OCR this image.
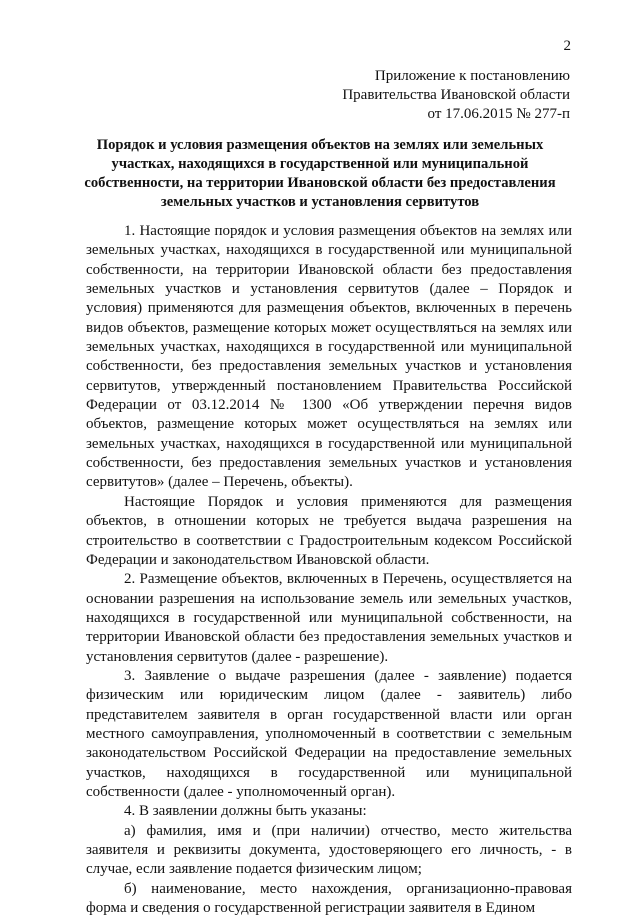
2
Приложение к постановлению
Правительства Ивановской области
от 17.06.2015 № 277-п
Порядок и условия размещения объектов на землях или земельных
участках, находящихся в государственной или муниципальной
собственности, на территории Ивановской области без предоставления
земельных участков и установления сервитутов

1. Настоящие порядок и условия размещения объектов на землях или земельных участках, находящихся в государственной или муниципальной собственности, на территории Ивановской области без предоставления земельных участков и установления сервитутов (далее – Порядок и условия) применяются для размещения объектов, включенных в перечень видов объектов, размещение которых может осуществляться на землях или земельных участках, находящихся в государственной или муниципальной собственности, без предоставления земельных участков и установления сервитутов, утвержденный постановлением Правительства Российской Федерации от 03.12.2014 № 1300 «Об утверждении перечня видов объектов, размещение которых может осуществляться на землях или земельных участках, находящихся в государственной или муниципальной собственности, без предоставления земельных участков и установления сервитутов» (далее – Перечень, объекты).

Настоящие Порядок и условия применяются для размещения объектов, в отношении которых не требуется выдача разрешения на строительство в соответствии с Градостроительным кодексом Российской Федерации и законодательством Ивановской области.

2. Размещение объектов, включенных в Перечень, осуществляется на основании разрешения на использование земель или земельных участков, находящихся в государственной или муниципальной собственности, на территории Ивановской области без предоставления земельных участков и установления сервитутов (далее - разрешение).

3. Заявление о выдаче разрешения (далее - заявление) подается физическим или юридическим лицом (далее - заявитель) либо представителем заявителя в орган государственной власти или орган местного самоуправления, уполномоченный в соответствии с земельным законодательством Российской Федерации на предоставление земельных участков, находящихся в государственной или муниципальной собственности (далее - уполномоченный орган).

4. В заявлении должны быть указаны:

а) фамилия, имя и (при наличии) отчество, место жительства заявителя и реквизиты документа, удостоверяющего его личность, - в случае, если заявление подается физическим лицом;

б) наименование, место нахождения, организационно-правовая форма и сведения о государственной регистрации заявителя в Едином
